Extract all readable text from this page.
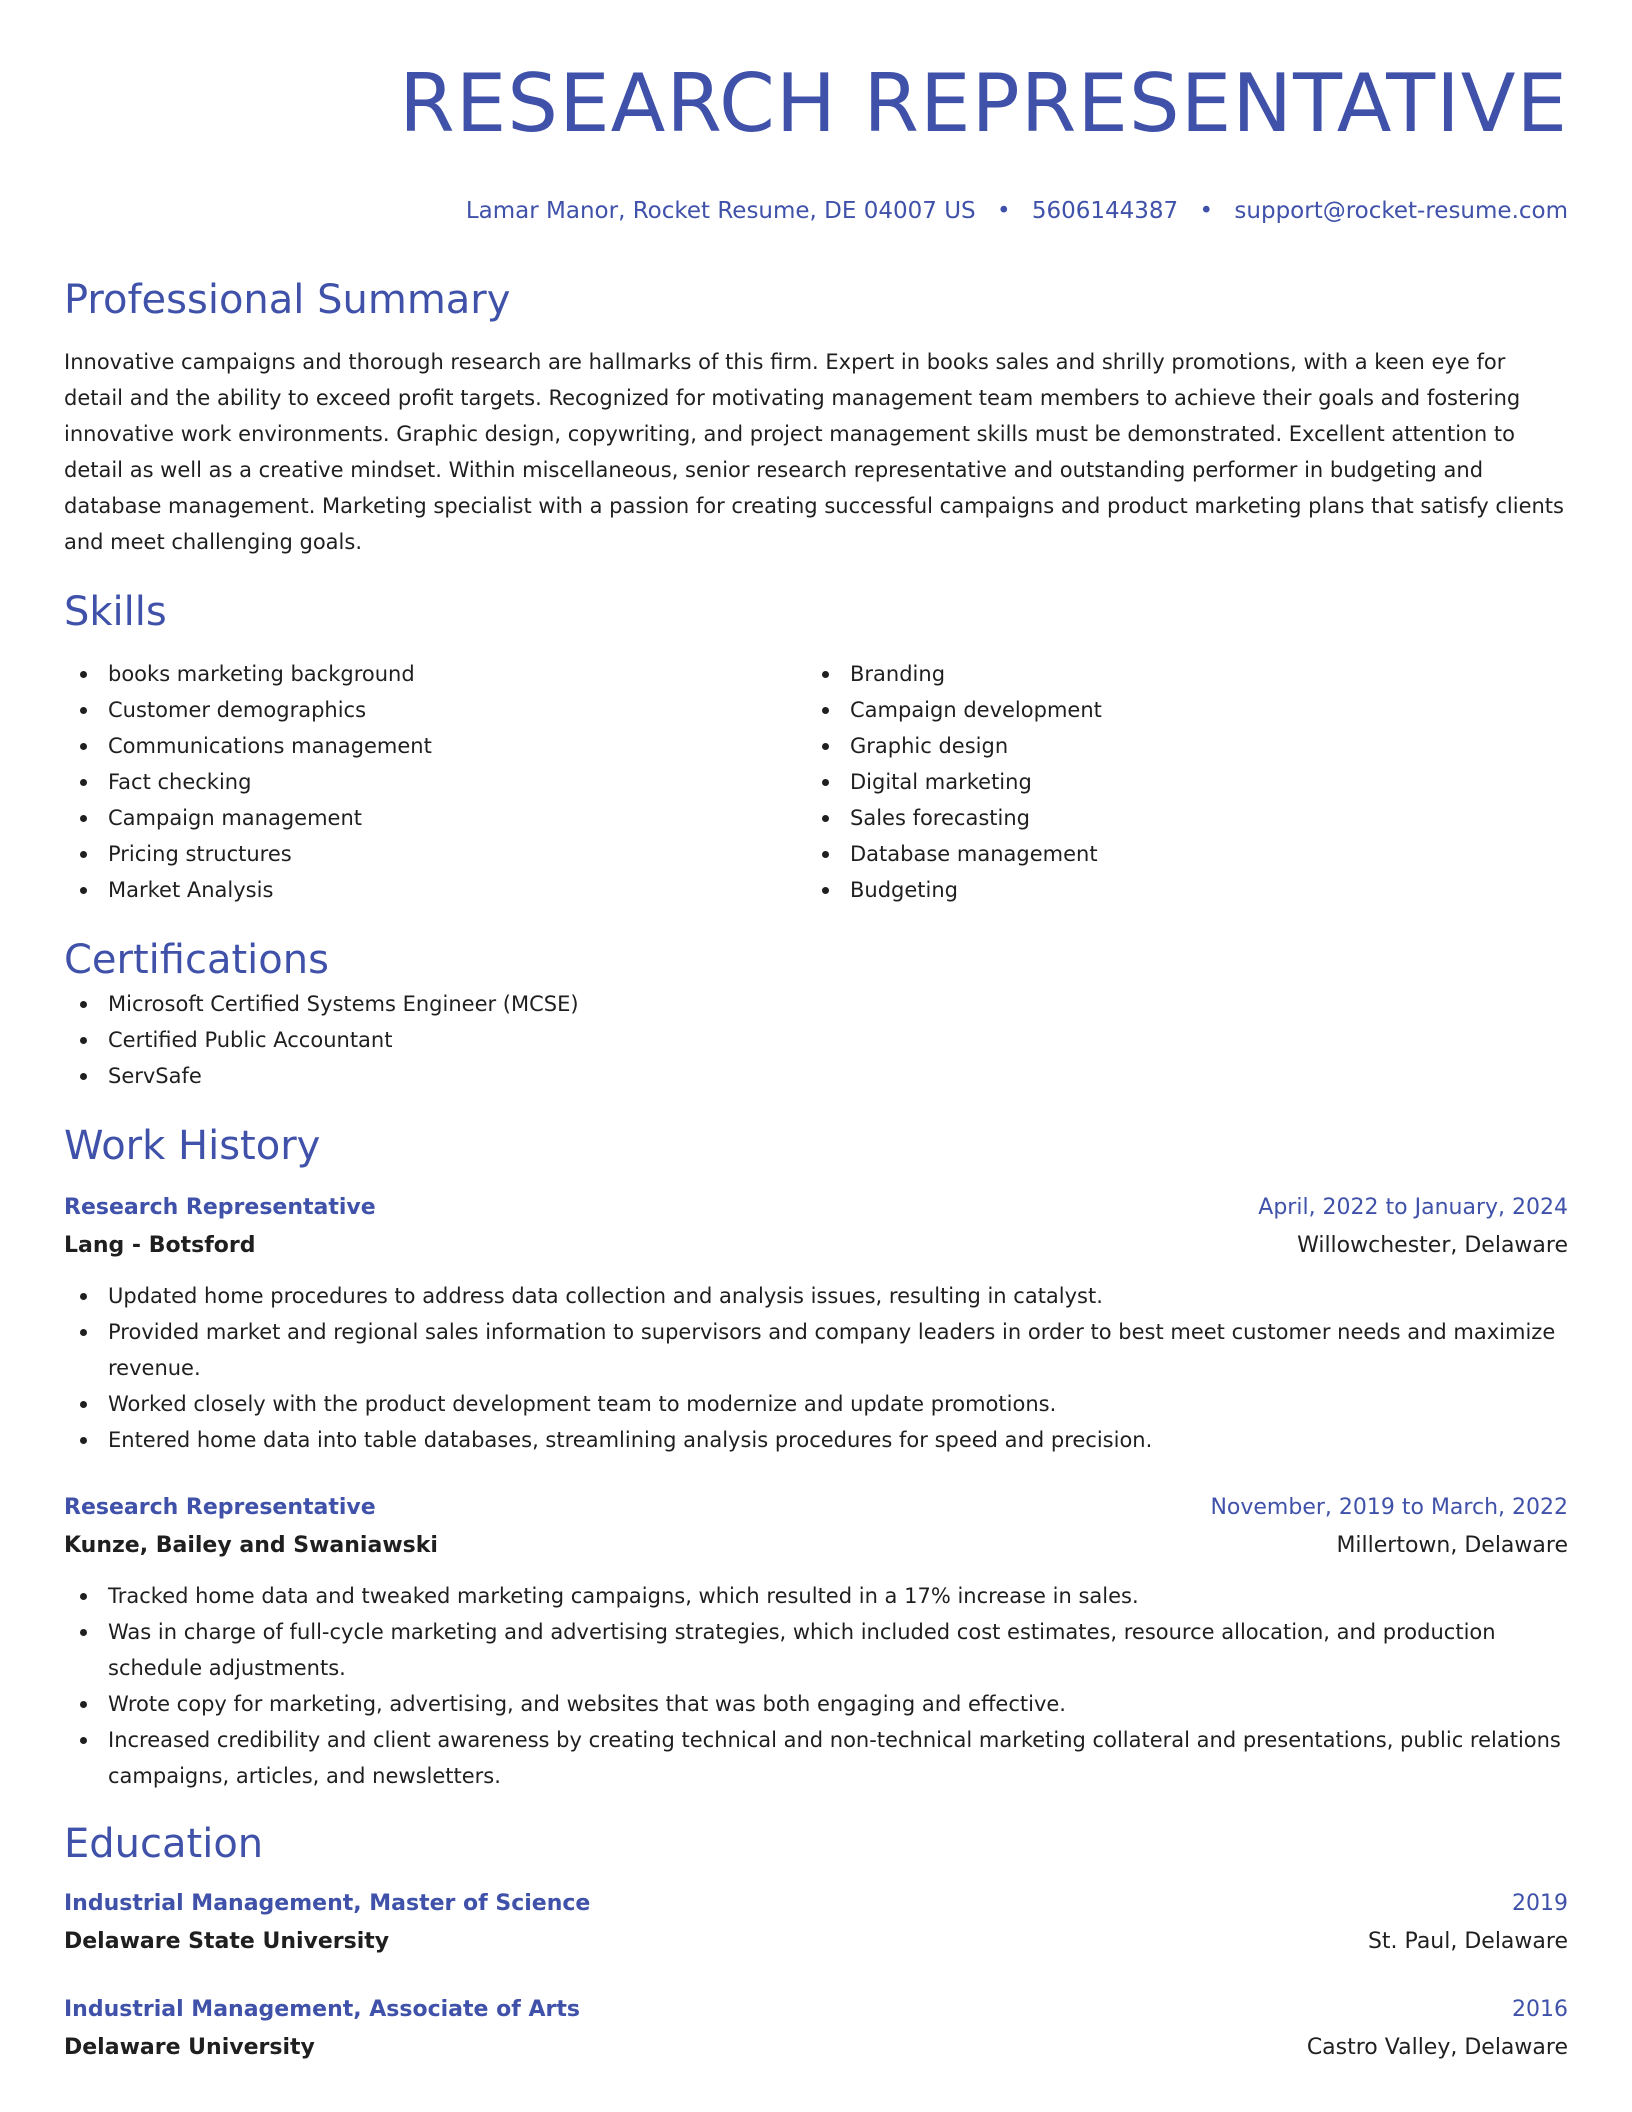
RESEARCH REPRESENTATIVE
Lamar Manor, Rocket Resume, DE 04007 US • 5606144387 • support@rocket-resume.com
Professional Summary
Innovative campaigns and thorough research are hallmarks of this firm. Expert in books sales and shrilly promotions, with a keen eye for detail and the ability to exceed profit targets. Recognized for motivating management team members to achieve their goals and fostering innovative work environments. Graphic design, copywriting, and project management skills must be demonstrated. Excellent attention to detail as well as a creative mindset. Within miscellaneous, senior research representative and outstanding performer in budgeting and database management. Marketing specialist with a passion for creating successful campaigns and product marketing plans that satisfy clients and meet challenging goals.
Skills
books marketing background
Customer demographics
Communications management
Fact checking
Campaign management
Pricing structures
Market Analysis
Branding
Campaign development
Graphic design
Digital marketing
Sales forecasting
Database management
Budgeting
Certifications
Microsoft Certified Systems Engineer (MCSE)
Certified Public Accountant
ServSafe
Work History
Research Representative	April, 2022 to January, 2024
Lang - Botsford	Willowchester, Delaware
Updated home procedures to address data collection and analysis issues, resulting in catalyst.
Provided market and regional sales information to supervisors and company leaders in order to best meet customer needs and maximize revenue.
Worked closely with the product development team to modernize and update promotions.
Entered home data into table databases, streamlining analysis procedures for speed and precision.
Research Representative	November, 2019 to March, 2022
Kunze, Bailey and Swaniawski	Millertown, Delaware
Tracked home data and tweaked marketing campaigns, which resulted in a 17% increase in sales.
Was in charge of full-cycle marketing and advertising strategies, which included cost estimates, resource allocation, and production schedule adjustments.
Wrote copy for marketing, advertising, and websites that was both engaging and effective.
Increased credibility and client awareness by creating technical and non-technical marketing collateral and presentations, public relations campaigns, articles, and newsletters.
Education
Industrial Management, Master of Science	2019
Delaware State University	St. Paul, Delaware
Industrial Management, Associate of Arts	2016
Delaware University	Castro Valley, Delaware
